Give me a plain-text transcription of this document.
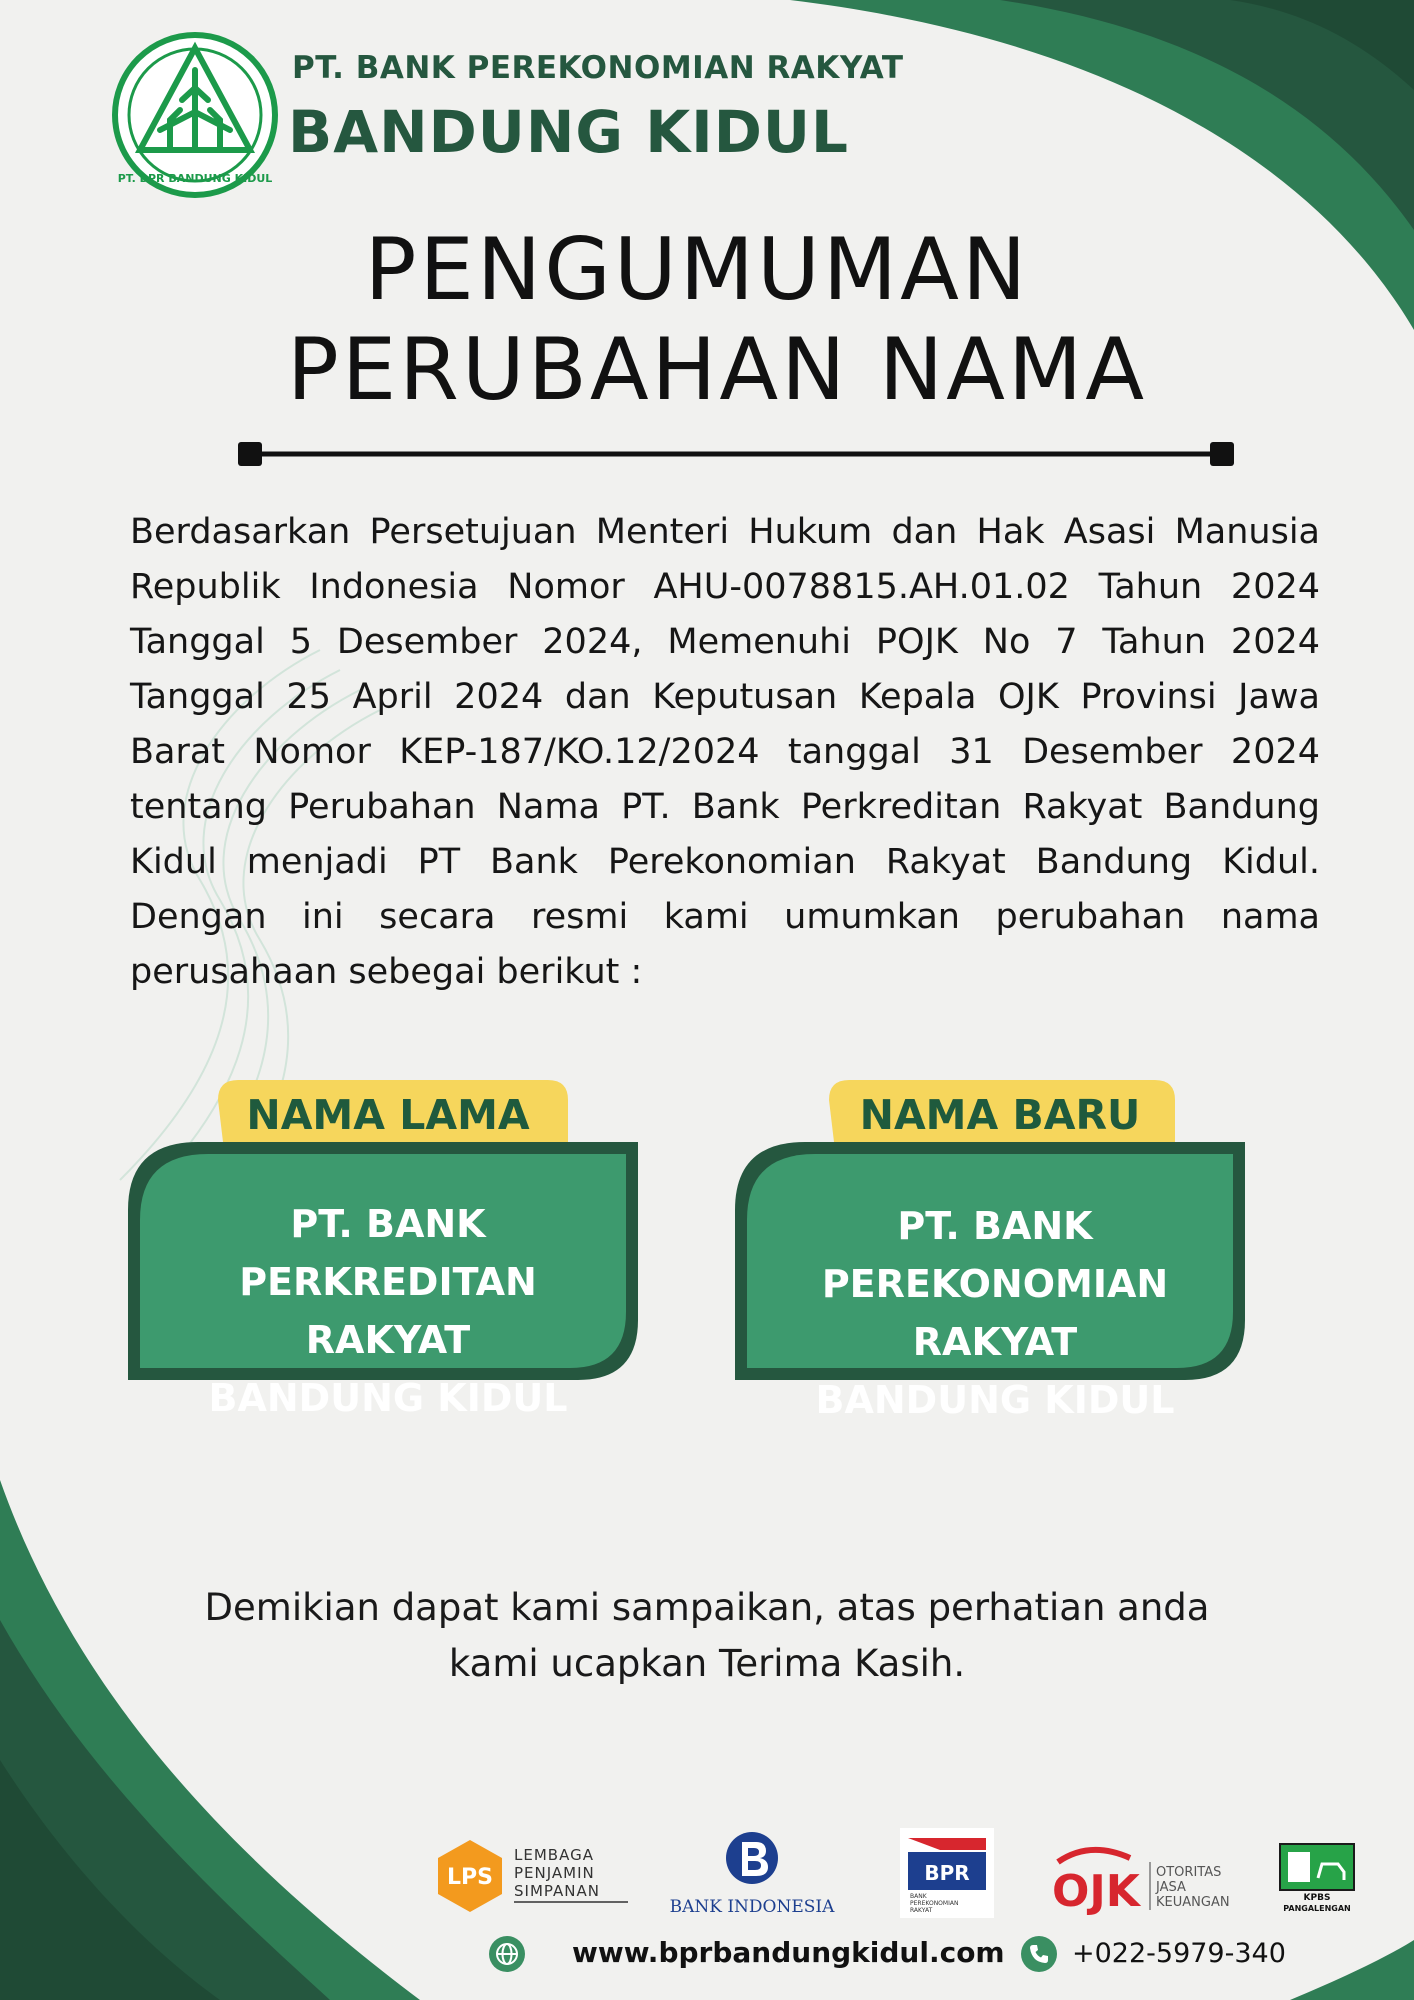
PT. BPR BANDUNG KIDUL
PT. BANK PEREKONOMIAN RAKYAT
BANDUNG KIDUL
PENGUMUMAN
PERUBAHAN NAMA
Berdasarkan Persetujuan Menteri Hukum dan Hak Asasi Manusia Republik Indonesia Nomor AHU-0078815.AH.01.02 Tahun 2024 Tanggal 5 Desember 2024, Memenuhi POJK No 7 Tahun 2024 Tanggal 25 April 2024 dan Keputusan Kepala OJK Provinsi Jawa Barat Nomor KEP-187/KO.12/2024 tanggal 31 Desember 2024 tentang Perubahan Nama PT. Bank Perkreditan Rakyat Bandung Kidul menjadi PT Bank Perekonomian Rakyat Bandung Kidul. Dengan ini secara resmi kami umumkan perubahan nama perusahaan sebegai berikut :
NAMA LAMA
PT. BANK
PERKREDITAN
RAKYAT
BANDUNG KIDUL
NAMA BARU
PT. BANK
PEREKONOMIAN
RAKYAT
BANDUNG KIDUL
Demikian dapat kami sampaikan, atas perhatian anda
kami ucapkan Terima Kasih.
LPS
LEMBAGA
PENJAMIN
SIMPANAN
BANK INDONESIA
BPR
BANK
PEREKONOMIAN
RAKYAT	OJK OTORITAS
JASA
KEUANGAN	KPBS
PANGALENGAN
www.bprbandungkidul.com +022-5979-340
